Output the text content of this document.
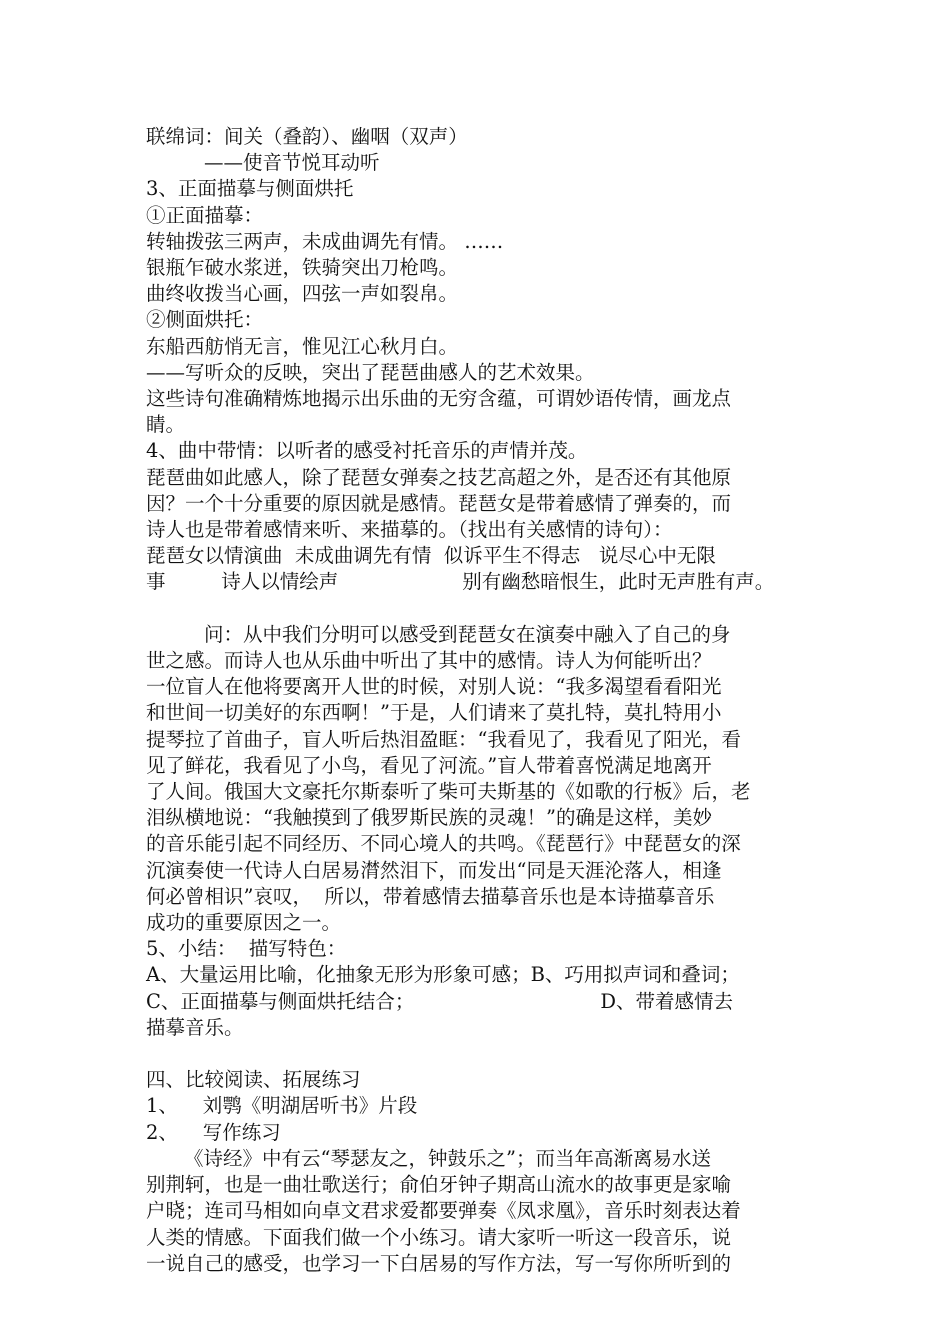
联绵词：间关（叠韵）、幽咽（双声）
——使音节悦耳动听
3、正面描摹与侧面烘托
①正面描摹：
转轴拨弦三两声，未成曲调先有情。 ……
银瓶乍破水浆迸，铁骑突出刀枪鸣。
曲终收拨当心画，四弦一声如裂帛。
②侧面烘托：
东船西舫悄无言，惟见江心秋月白。
——写听众的反映，突出了琵琶曲感人的艺术效果。
这些诗句准确精炼地揭示出乐曲的无穷含蕴，可谓妙语传情，画龙点
睛。
4、曲中带情：以听者的感受衬托音乐的声情并茂。
琵琶曲如此感人，除了琵琶女弹奏之技艺高超之外，是否还有其他原
因？一个十分重要的原因就是感情。琵琶女是带着感情了弹奏的，而
诗人也是带着感情来听、来描摹的。（找出有关感情的诗句）：
琵琶女以情演曲  未成曲调先有情  似诉平生不得志   说尽心中无限
事         诗人以情绘声                    别有幽愁暗恨生，此时无声胜有声。
问：从中我们分明可以感受到琵琶女在演奏中融入了自己的身
世之感。而诗人也从乐曲中听出了其中的感情。诗人为何能听出？
一位盲人在他将要离开人世的时候，对别人说：“我多渴望看看阳光
和世间一切美好的东西啊！”于是，人们请来了莫扎特，莫扎特用小
提琴拉了首曲子，盲人听后热泪盈眶：“我看见了，我看见了阳光，看
见了鲜花，我看见了小鸟，看见了河流。”盲人带着喜悦满足地离开
了人间。俄国大文豪托尔斯泰听了柴可夫斯基的《如歌的行板》后，老
泪纵横地说：“我触摸到了俄罗斯民族的灵魂！”的确是这样，美妙
的音乐能引起不同经历、不同心境人的共鸣。《琵琶行》中琵琶女的深
沉演奏使一代诗人白居易潸然泪下，而发出“同是天涯沦落人，相逢
何必曾相识”哀叹，  所以，带着感情去描摹音乐也是本诗描摹音乐
成功的重要原因之一。
5、小结：  描写特色：
A、大量运用比喻，化抽象无形为形象可感；B、巧用拟声词和叠词；
C、正面描摹与侧面烘托结合；                              D、带着感情去
描摹音乐。
四、比较阅读、拓展练习
1、    刘鹗《明湖居听书》片段
2、    写作练习
《诗经》中有云“琴瑟友之，钟鼓乐之”；而当年高渐离易水送
别荆轲，也是一曲壮歌送行；俞伯牙钟子期高山流水的故事更是家喻
户晓；连司马相如向卓文君求爱都要弹奏《凤求凰》，音乐时刻表达着
人类的情感。下面我们做一个小练习。请大家听一听这一段音乐，说
一说自己的感受，也学习一下白居易的写作方法，写一写你所听到的
